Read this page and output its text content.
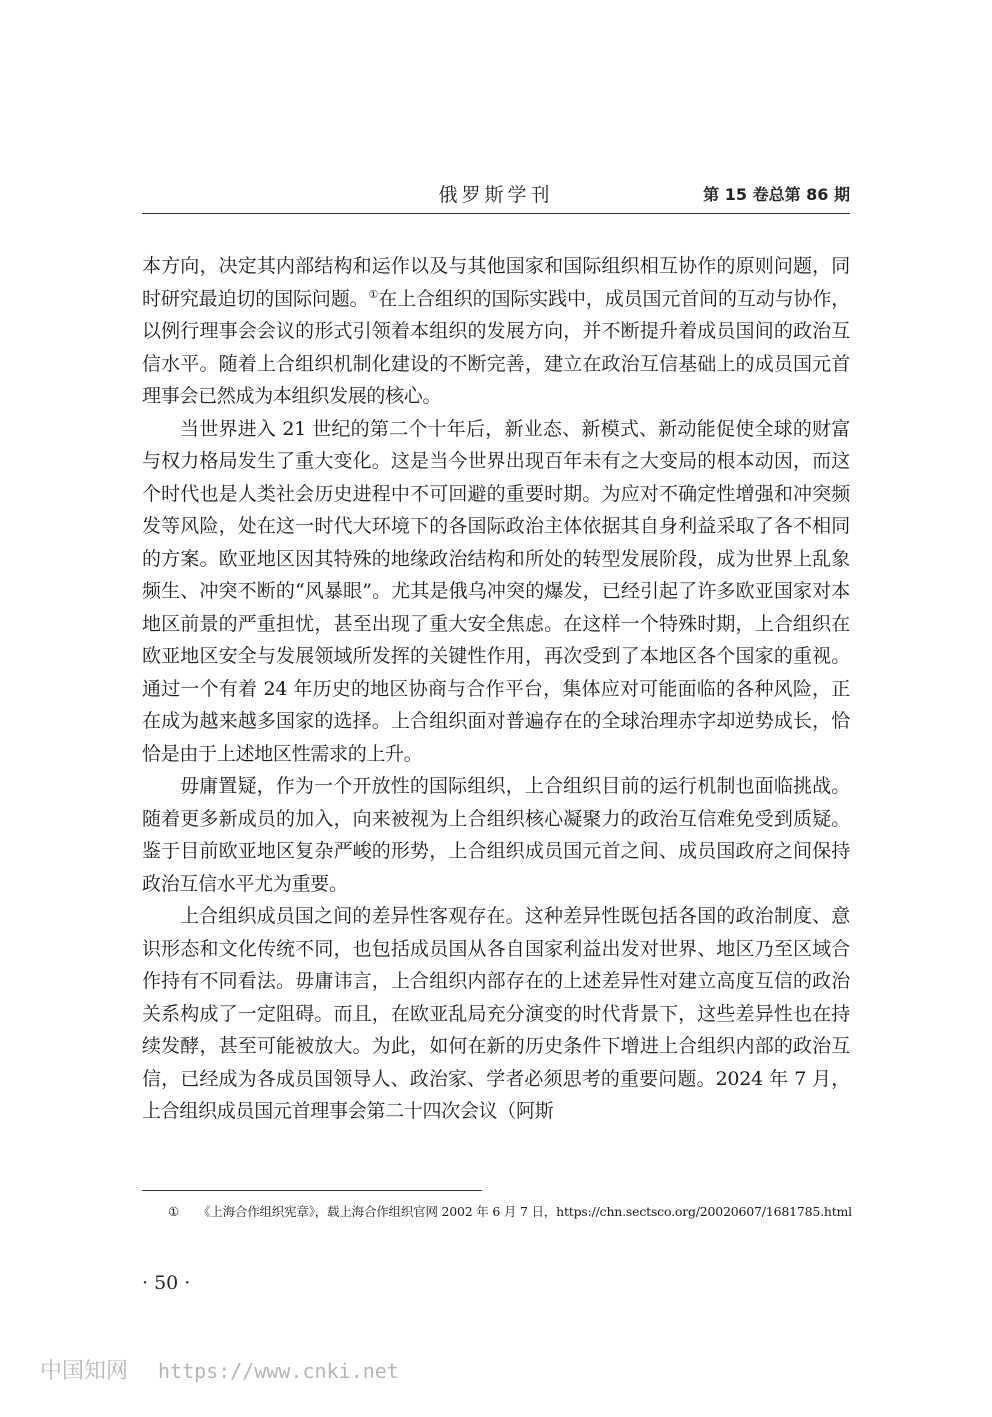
俄罗斯学刊	第 15 卷总第 86 期

本方向，决定其内部结构和运作以及与其他国家和国际组织相互协作的原则问题，同时研究最迫切的国际问题。①在上合组织的国际实践中，成员国元首间的互动与协作，以例行理事会会议的形式引领着本组织的发展方向，并不断提升着成员国间的政治互信水平。随着上合组织机制化建设的不断完善，建立在政治互信基础上的成员国元首理事会已然成为本组织发展的核心。

当世界进入 21 世纪的第二个十年后，新业态、新模式、新动能促使全球的财富与权力格局发生了重大变化。这是当今世界出现百年未有之大变局的根本动因，而这个时代也是人类社会历史进程中不可回避的重要时期。为应对不确定性增强和冲突频发等风险，处在这一时代大环境下的各国际政治主体依据其自身利益采取了各不相同的方案。欧亚地区因其特殊的地缘政治结构和所处的转型发展阶段，成为世界上乱象频生、冲突不断的“风暴眼”。尤其是俄乌冲突的爆发，已经引起了许多欧亚国家对本地区前景的严重担忧，甚至出现了重大安全焦虑。在这样一个特殊时期，上合组织在欧亚地区安全与发展领域所发挥的关键性作用，再次受到了本地区各个国家的重视。通过一个有着 24 年历史的地区协商与合作平台，集体应对可能面临的各种风险，正在成为越来越多国家的选择。上合组织面对普遍存在的全球治理赤字却逆势成长，恰恰是由于上述地区性需求的上升。

毋庸置疑，作为一个开放性的国际组织，上合组织目前的运行机制也面临挑战。随着更多新成员的加入，向来被视为上合组织核心凝聚力的政治互信难免受到质疑。鉴于目前欧亚地区复杂严峻的形势，上合组织成员国元首之间、成员国政府之间保持政治互信水平尤为重要。

上合组织成员国之间的差异性客观存在。这种差异性既包括各国的政治制度、意识形态和文化传统不同，也包括成员国从各自国家利益出发对世界、地区乃至区域合作持有不同看法。毋庸讳言，上合组织内部存在的上述差异性对建立高度互信的政治关系构成了一定阻碍。而且，在欧亚乱局充分演变的时代背景下，这些差异性也在持续发酵，甚至可能被放大。为此，如何在新的历史条件下增进上合组织内部的政治互信，已经成为各成员国领导人、政治家、学者必须思考的重要问题。2024 年 7 月，上合组织成员国元首理事会第二十四次会议（阿斯

① 《上海合作组织宪章》，载上海合作组织官网 2002 年 6 月 7 日，https://chn.sectsco.org/20020607/1681785.html
· 50 ·
中国知网 https://www.cnki.net
